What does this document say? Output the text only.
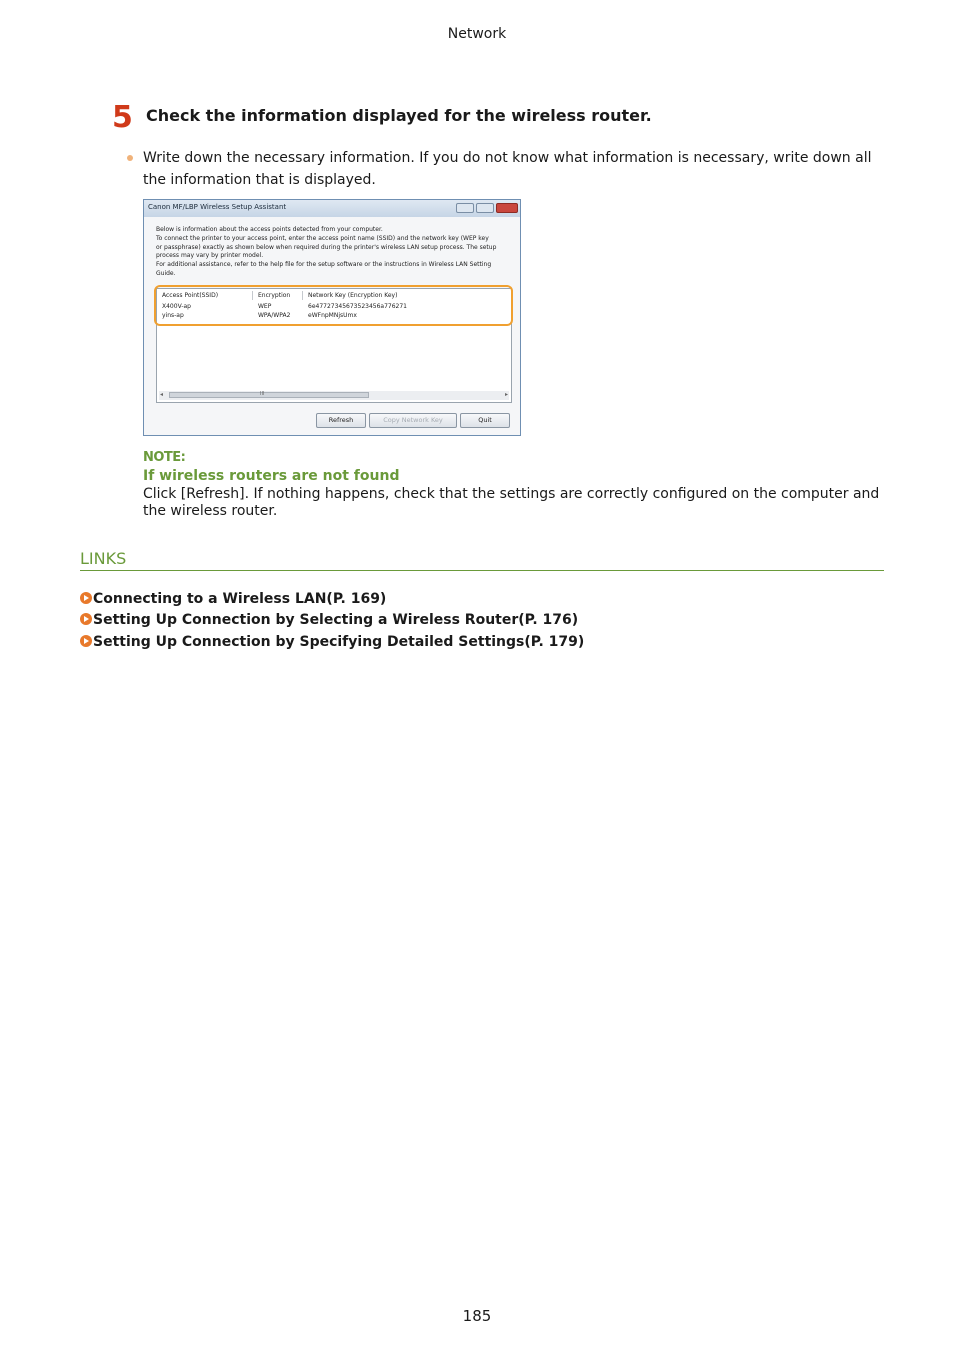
Network
5 Check the information displayed for the wireless router.
Write down the necessary information. If you do not know what information is necessary, write down all the information that is displayed.
Canon MF/LBP Wireless Setup Assistant
Below is information about the access points detected from your computer.
To connect the printer to your access point, enter the access point name (SSID) and the network key (WEP key
or passphrase) exactly as shown below when required during the printer's wireless LAN setup process. The setup
process may vary by printer model.
For additional assistance, refer to the help file for the setup software or the instructions in Wireless LAN Setting
Guide.
Access Point(SSID)	Encryption	Network Key (Encryption Key)
X400V-ap	WEP	6e47727345673523456a776271
yins-ap	WPA/WPA2	eWFnpMNjsUmx
◂	III	▸
Refresh	Copy Network Key	Quit
NOTE:
If wireless routers are not found
Click [Refresh]. If nothing happens, check that the settings are correctly configured on the computer and the wireless router.
LINKS
Connecting to a Wireless LAN(P. 169)
Setting Up Connection by Selecting a Wireless Router(P. 176)
Setting Up Connection by Specifying Detailed Settings(P. 179)
185
